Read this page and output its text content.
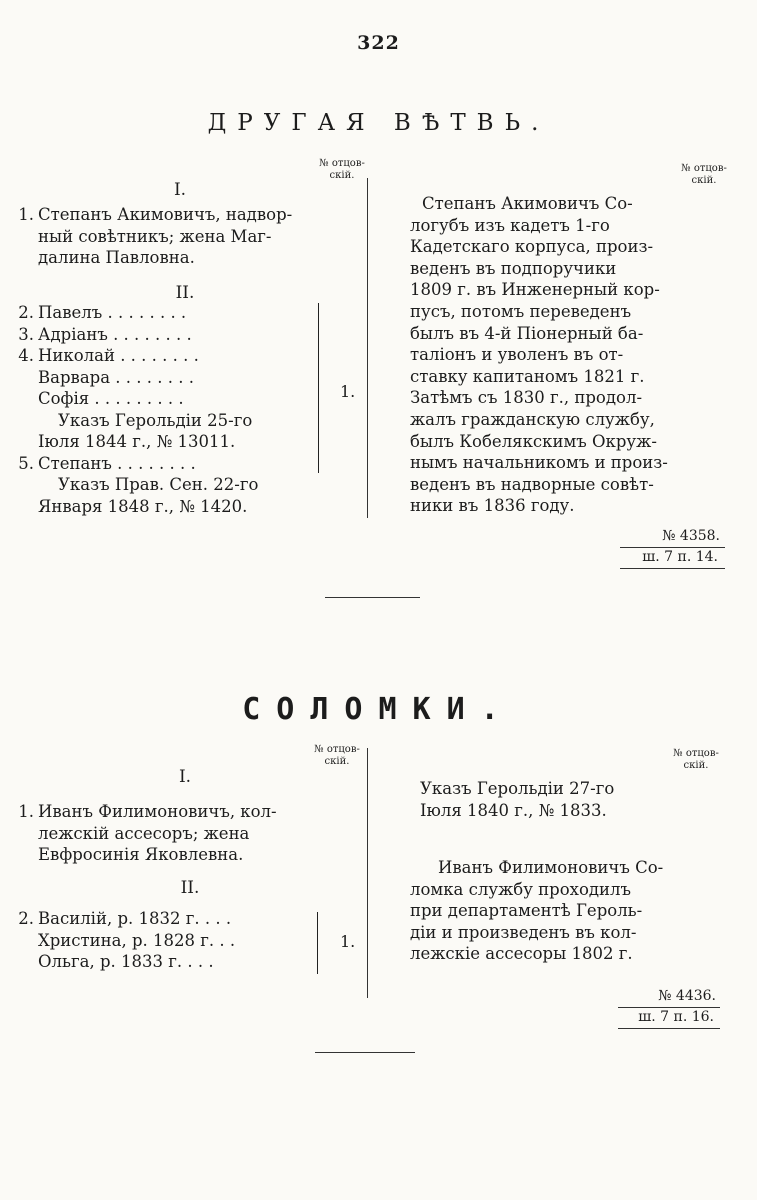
322
ДРУГАЯ ВѢТВЬ.
№ отцов-
скій.
№ отцов-
скій.
I.
1. Степанъ Акимовичъ, надвор-
ный совѣтникъ; жена Маг-
далина Павловна.
II.
2. Павелъ . . . . . . . .
3. Адріанъ . . . . . . . .
4. Николай . . . . . . . .
Варвара . . . . . . . .
Софія . . . . . . . . .
Указъ Герольдіи 25-го
Іюля 1844 г., № 13011.
5. Степанъ . . . . . . . .
Указъ Прав. Сен. 22-го
Января 1848 г., № 1420.
1.
Степанъ Акимовичъ Со-
логубъ изъ кадетъ 1-го
Кадетскаго корпуса, произ-
веденъ въ подпоручики
1809 г. въ Инженерный кор-
пусъ, потомъ переведенъ
былъ въ 4-й Піонерный ба-
таліонъ и уволенъ въ от-
ставку капитаномъ 1821 г.
Затѣмъ съ 1830 г., продол-
жалъ гражданскую службу,
былъ Кобелякскимъ Окруж-
нымъ начальникомъ и произ-
веденъ въ надворные совѣт-
ники въ 1836 году.
№ 4358.
ш. 7 п. 14.
СОЛОМКИ.
№ отцов-
скій.
№ отцов-
скій.
I.
1. Иванъ Филимоновичъ, кол-
лежскій ассесоръ; жена
Евфросинія Яковлевна.
II.
2. Василій, р. 1832 г. . . .
Христина, р. 1828 г. . .
Ольга, р. 1833 г. . . .
1.
Указъ Герольдіи 27-го
Іюля 1840 г., № 1833.
Иванъ Филимоновичъ Со-
ломка службу проходилъ
при департаментѣ Героль-
діи и произведенъ въ кол-
лежскіе ассесоры 1802 г.
№ 4436.
ш. 7 п. 16.
